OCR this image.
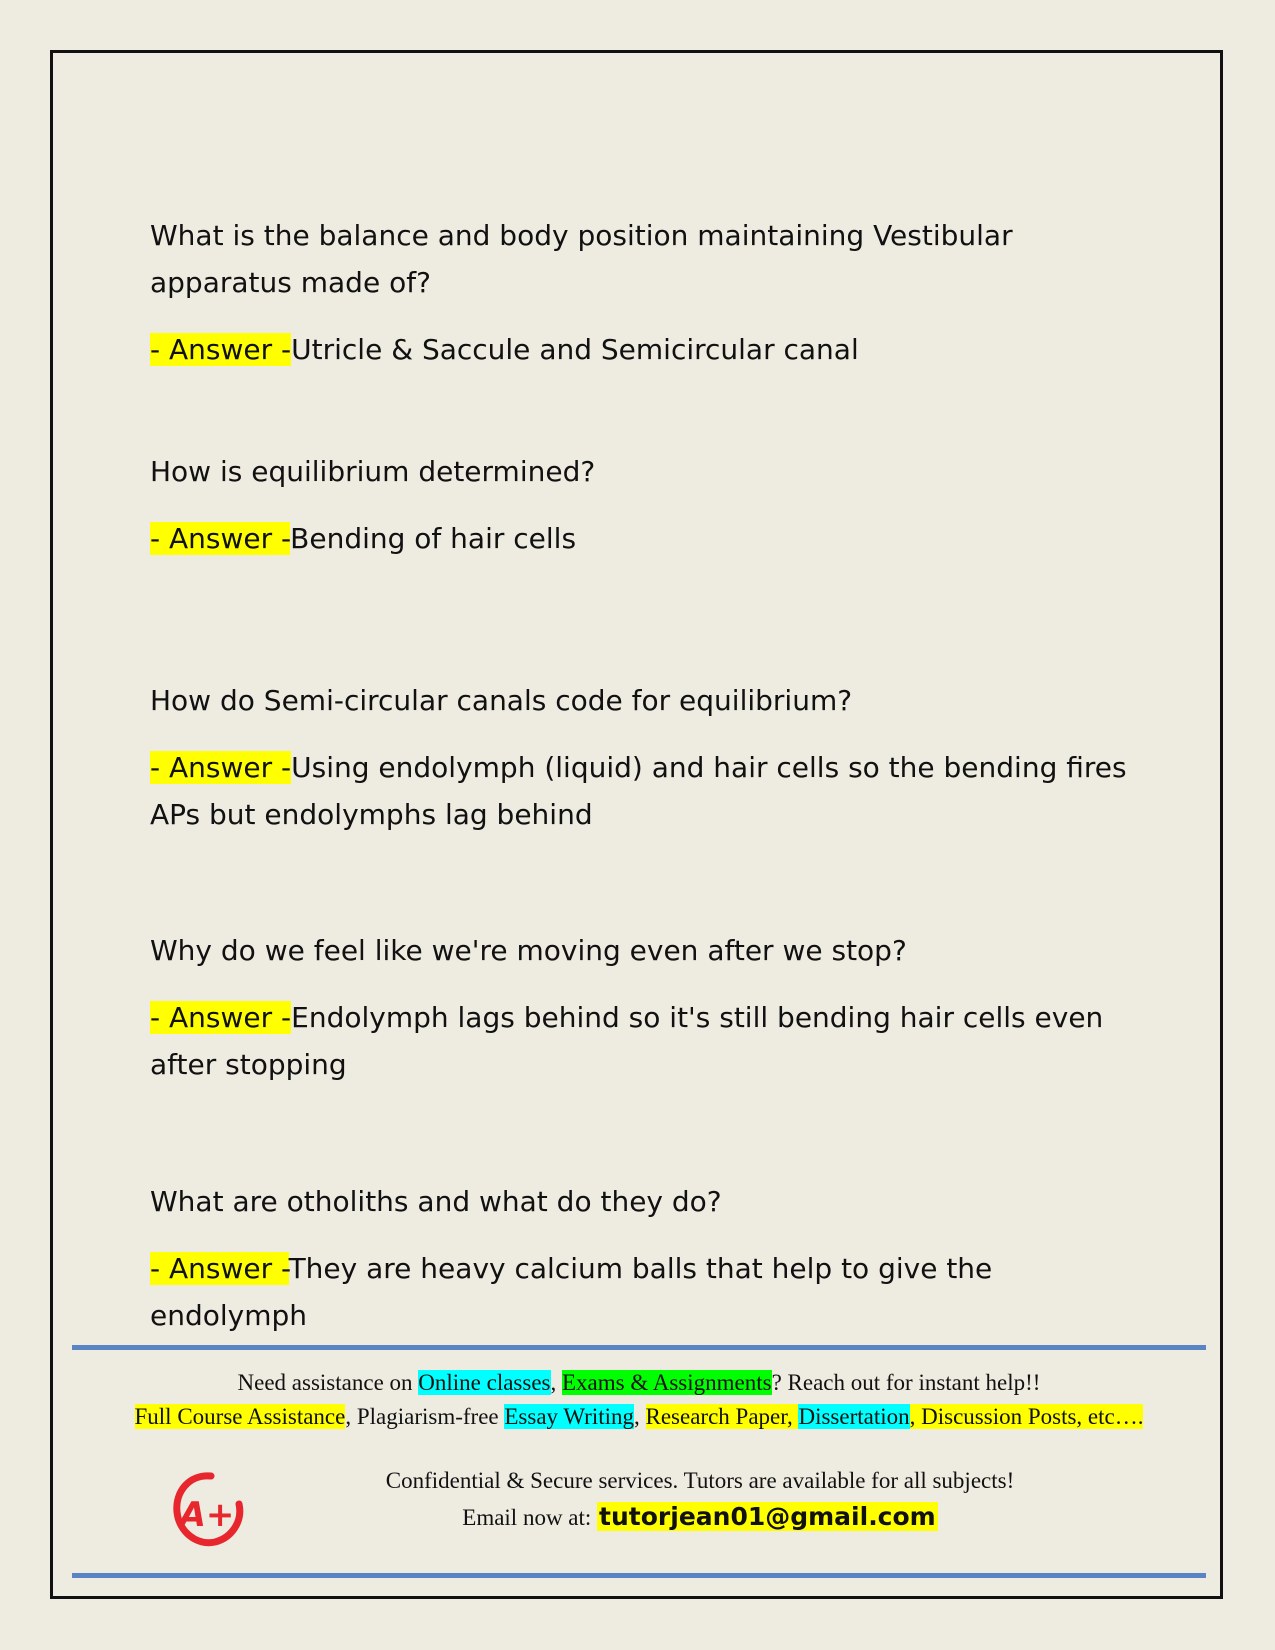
What is the balance and body position maintaining Vestibular apparatus made of?

- Answer -Utricle & Saccule and Semicircular canal

How is equilibrium determined?

- Answer -Bending of hair cells

How do Semi-circular canals code for equilibrium?

- Answer -Using endolymph (liquid) and hair cells so the bending fires APs but endolymphs lag behind

Why do we feel like we're moving even after we stop?

- Answer -Endolymph lags behind so it's still bending hair cells even after stopping

What are otholiths and what do they do?

- Answer -They are heavy calcium balls that help to give the endolymph

Need assistance on Online classes, Exams & Assignments? Reach out for instant help!!
Full Course Assistance, Plagiarism-free Essay Writing, Research Paper, Dissertation, Discussion Posts, etc….
A+
Confidential & Secure services. Tutors are available for all subjects!
Email now at: tutorjean01@gmail.com
